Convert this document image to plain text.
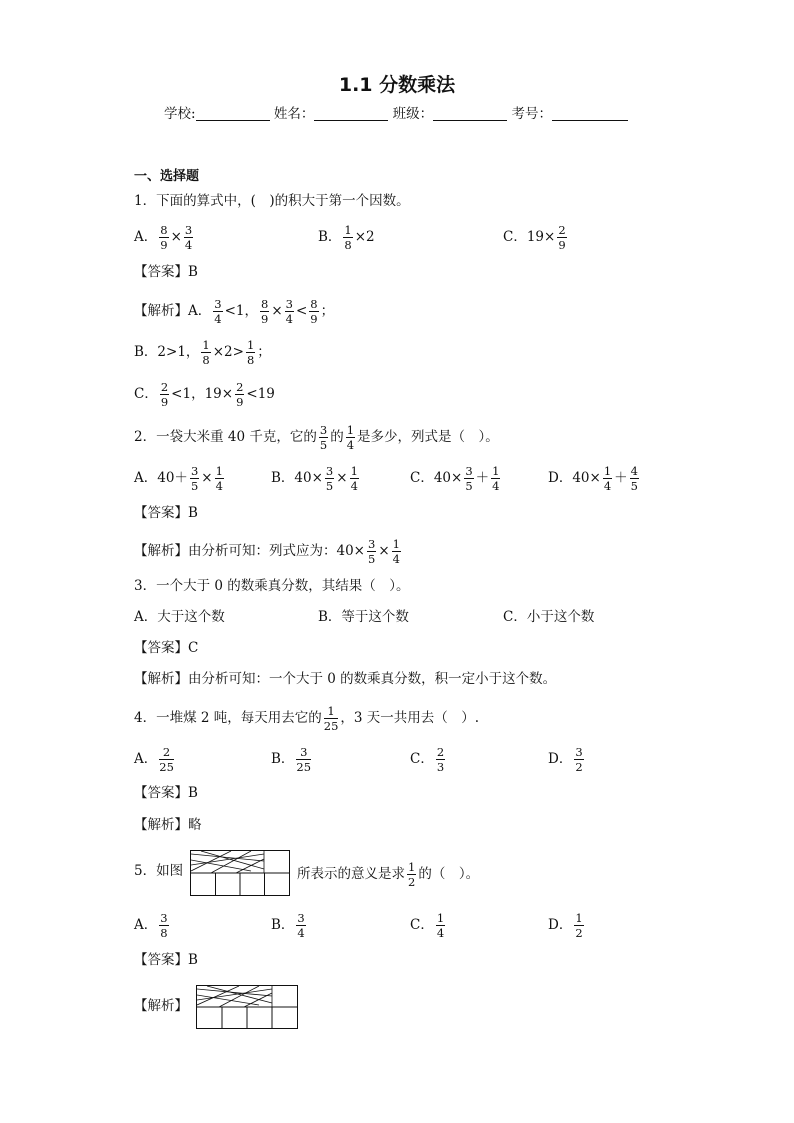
1.1 分数乘法
学校:	姓名：	班级：	考号：
一、选择题
1．下面的算式中，(　)的积大于第一个因数。
A． $\frac{8}{9} \times \frac{3}{4}$	B． $\frac{1}{8} \times 2$	C．$19\times \frac{2}{9}$
【答案】B
【解析】A． $\frac{3}{4} <1$， $\frac{8}{9} \times \frac{3}{4} < \frac{8}{9}$ ；
B．2>1， $\frac{1}{8} \times 2> \frac{1}{8}$ ；
C． $\frac{2}{9} <1$，$19\times \frac{2}{9} <19$
2．一袋大米重 40 千克，它的 $\frac{3}{5}$ 的 $\frac{1}{4}$ 是多少，列式是（　）。
A．$40+ \frac{3}{5} \times \frac{1}{4}$	B．$40\times \frac{3}{5} \times \frac{1}{4}$	C．$40\times \frac{3}{5} + \frac{1}{4}$	D．$40\times \frac{1}{4} + \frac{4}{5}$
【答案】B
【解析】由分析可知：列式应为：$40\times \frac{3}{5} \times \frac{1}{4}$
3．一个大于 0 的数乘真分数，其结果（　）。
A．大于这个数	B．等于这个数	C．小于这个数
【答案】C
【解析】由分析可知：一个大于 0 的数乘真分数，积一定小于这个数。
4．一堆煤 2 吨，每天用去它的 $\frac{1}{25}$ ，3 天一共用去（　）.
A． $\frac{2}{25}$	B． $\frac{3}{25}$	C． $\frac{2}{3}$	D． $\frac{3}{2}$
【答案】B
【解析】略
5．如图	所表示的意义是求 $\frac{1}{2}$ 的（　）。
A． $\frac{3}{8}$	B． $\frac{3}{4}$	C． $\frac{1}{4}$	D． $\frac{1}{2}$
【答案】B
【解析】
